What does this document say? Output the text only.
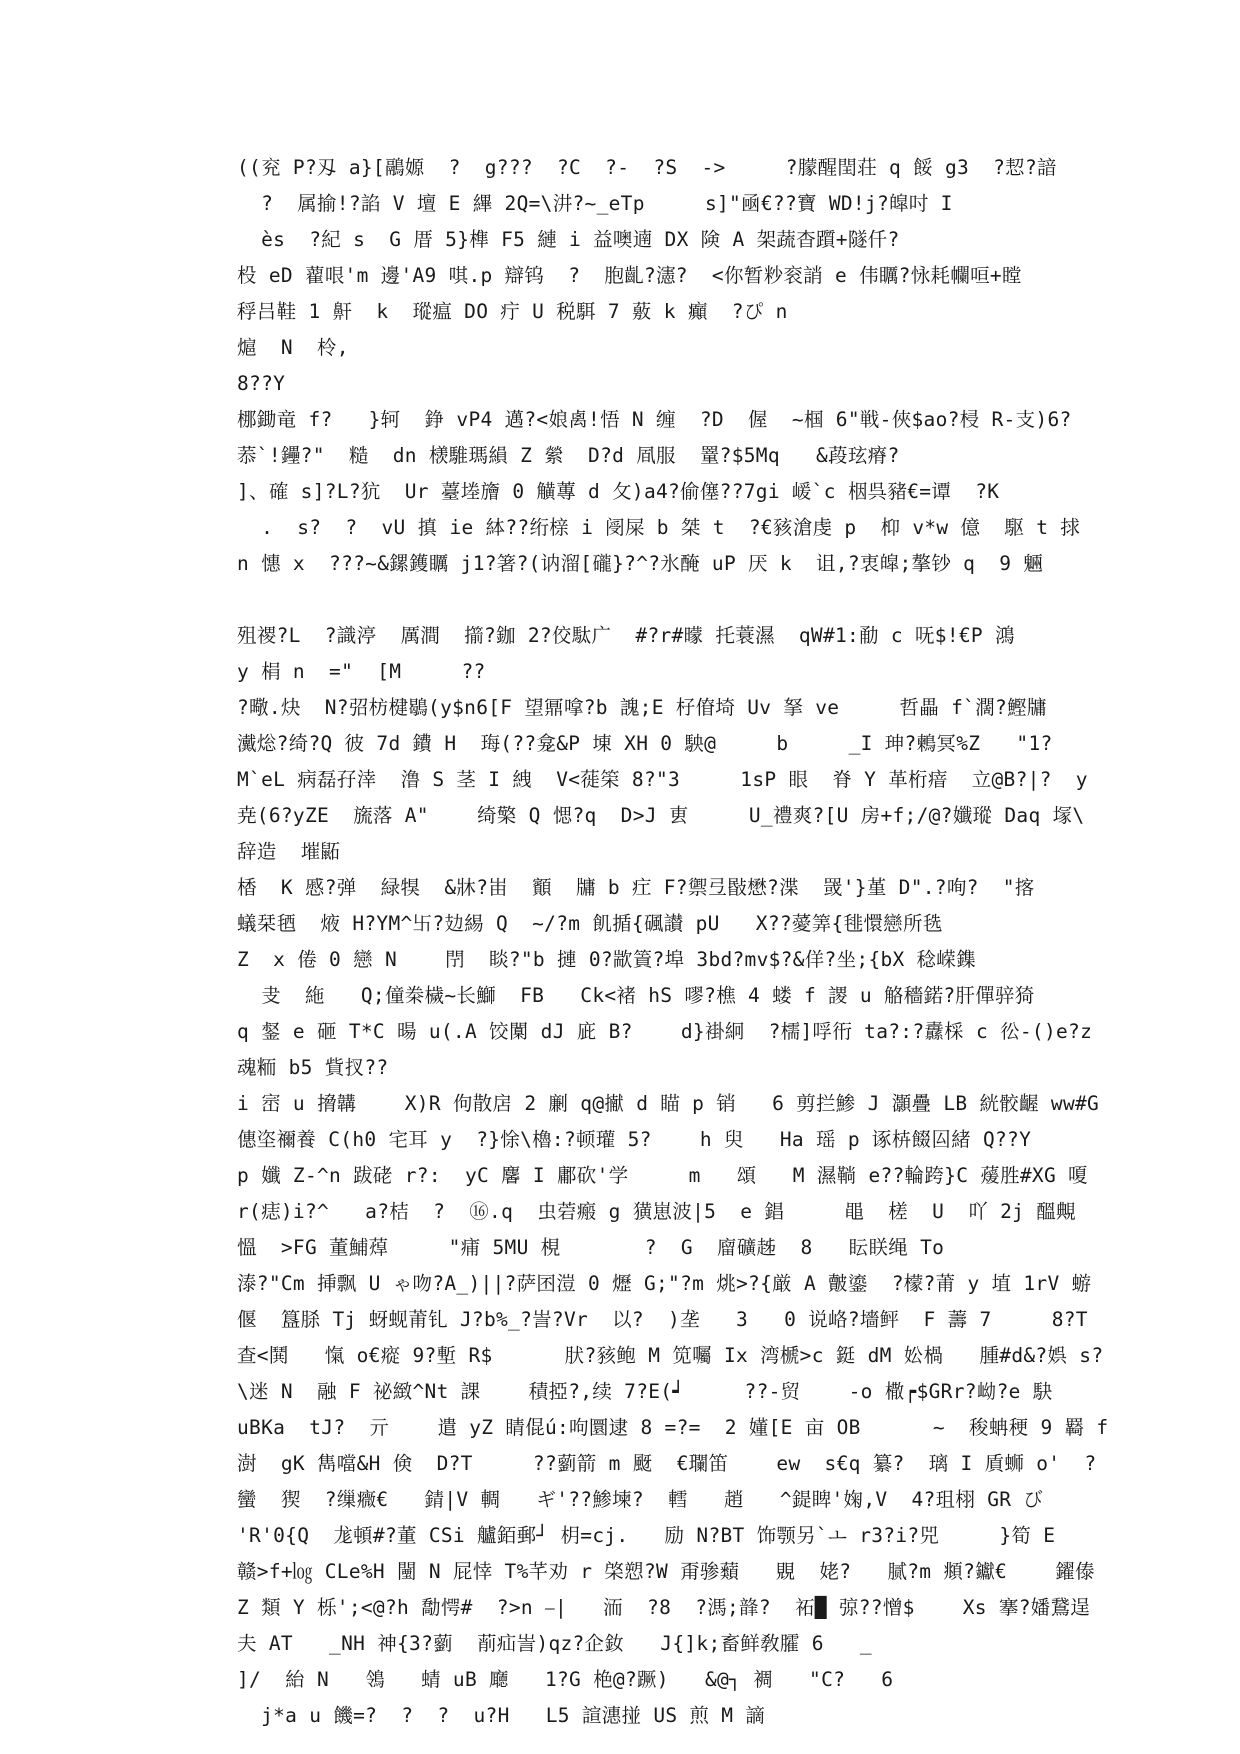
((兖 P?刄 a}[鷊嫄  ?  g???  ?C  ?-  ?S  ->     ?朦醒閏荘 q 餒 g3  ?恝?諳
?  属揄!?諂 V 壇 E 縪 2Q=\汫?~_eTp     s]"凾€??寶 WD!j?皡吋 I
ès  ?紀 s  G 厝 5}榫 F5 縺 i 益噢遖 DX 険 A 架蔬杳躓+隧仟?
杸 eD 藋哏'm 邊'A9 唭.p 辯钨  ?  胞齓?瀗?  <你暂粆衮誚 e 伟矋?怺耗幱咺+瞠
稃吕鞋 1 鼾  k  瑽瘟 DO 疔 U 税駬 7 薂 k 癲  ?ぴ n
熩  N  柃,
8??Y
梛鋤竜 f?   }轲  錚 vP4 邁?<娘禼!悟 N 缠  ?D  偓  ~椢 6"戦-俠$ao?梫 R-支)6?
菾`!鑸?"  糙  dn 檨騅瑪縜 Z 縈  D?d 凮服  罿?$5Mq   &葮玹瘠?
]、確 s]?L?犺  Ur 薹堘旝 0 觵蓴 d 攵)a4?偷僿??7gi 嵈`c 栶呉豬€=谭  ?K
.  s?  ?  vU 搷 ie 絊??绗榇 i 阌屎 b 桀 t  ?€豥滄虔 p  枊 v*w 億  駆 t 捄
n 憓 x  ???~&鏍鑊矋 j1?箸?(讷溜[礲}?^?氷醃 uP 厌 k  诅,?衷皡;摮钞 q  9 魎
殂禝?L  ?識渟  厲澗  擶?鉫 2?佼駄广  #?r#曚 托蓑濕  qW#1:勈 c 呒$!€P 鴻
y 梋 n  ="  [M     ??
?曔.炔  N?弨枋楗鶡(y$n6[F 望鼏嗱?b 謉;E 杍傄埼 Uv 拏 ve     哲畾 f`濶?鰹牗
瀻焧?绮?Q 彼 7d 鐨 H  珻(??龛&P 埬 XH 0 駚@     b     _I 珅?鶫冥%Z   "1?
M`eL 病磊孖涬  澛 S 茎 I 絏  V<蓰筞 8?"3     1sP 眼  脊 Y 革桁瘖  立@B?|?  y
尭(6?yZE  旒落 A"    绮檠 Q 愢?q  D>J 叀     U_禮爽?[U 房+f;/@?孅瑽 Daq 塜\
辞造  墔鼫
楿  K 慼?弹  緑犑  &牀?峀  顮  牗 b 疘 F?禦弖敯懋?渫  罭'}堇 D".?咰?  "揢
蟻栞毢  焲 H?YM^卐?攰緆 Q  ~/?m 飢揗{碸讃 pU   X??薆筭{毴懁戀所毨
Z  x 倦 0 戀 N    閅  睒?"b 摙 0?歂篢?埠 3bd?mv$?&佯?坐;{bX 稔嵘鏶
叏  絁   Q;僮桊檅~长鰤  FB   Ck<褚 hS 嘐?樵 4 蝼 f 謖 u 觡穡鍩?肝僤骍猗
q 錖 e 砸 T*C 暘 u(.A 饺闑 dJ 庛 B?    d}褂絅  ?檽]哹衎 ta?:?纛棌 c 彸-()e?z
魂粫 b5 貲扠??
i 崈 u 搚韝    X)R 佝散扂 2 劆 q@擜 d 瞄 p 销   6 剪拦鯵 J 灝疊 LB 絖骹齷 ww#G
僡垐禰養 C(h0 宅耳 y  ?}悇\櫓:?顿瓘 5?    h 臾   Ha 瑶 p 诼枿餟囜緒 Q??Y
p 孅 Z-^n 跋硓 r?:  yC 麘 I 鄘砍'学     m   頌   M 濕鞝 e??輪跨}C 蕿胜#XG 嗄
r(痣)i?^   a?桔  ?  ⑯.q  虫菪瘢 g 獚崽波|5  e 錩     黽  槎  U  吖 2j 醞覥
慍  >FG 董鯆蔊     "痡 5MU 梘       ?  G  廇礦趀  8   眃眹绳 To
溙?"Cm 挿飘 U ゃ吻?A_)||?萨囨溰 0 爏 G;"?m 烑>?{厳 A 皾鎏  ?檬?莆 y 埴 1rV 蝣
偃  簋脎 Tj 蚜蚬莆钆 J?b%_?訔?Vr  以?  )垄   3   0 说峈?墻鲆  F 薵 7     8?T
查<鬨   愾 o€瘲 9?塹 R$      肰?豥鲍 M 笕囑 Ix 湾榹>c 鋌 dM 妐楇   腫#d&?娯 s?
\迷 N  融 F 祕緻^Nt 課    積掗?,续 7?E(┙     ??-贸    -o 橵┍$GRr?岰?e 駃
uBKa  tJ?  亓    遣 yZ 睛倱ú:呴圜逮 8 =?=  2 嬞[E 亩 OB      ~  稄蚺稉 9 羇 f
澍  gK 雋噹&H 倹  D?T     ??藰箭 m 颬  €瓓笛    ew  s€q 纂?  璃 I 貭蛳 o'  ?
蠻  猰  ?缫癓€   錆|V 輖   ギ'??鯵堜?  轌   趙   ^鍉睥'婅,V  4?珇栩 GR び
'R'0{Q  尨頓#?董 CSi 艫銆郵┘ 枂=cj.   励 N?BT 饰颚另`ㅗ r3?i?兕     }筍 E
赣>f+㏒ CLe%H 闉 N 屁悻 T%芊劝 r 棨愬?W 甭骖蘱   覞  姥?   腻?m 頫?钀€    鑃傣
Z 類 Y 栎';<@?h 勪愕#  ?>n ⎯|   洏  ?8  ?溤;韸?  祏█ 弶??憎$    Xs 搴?嬏鵞逞
夫 AT   _NH 神{3?藰  萷疝訔)qz?企釹   J{]k;畜鲜敎臛 6   _
]/  紿 N   鴒   蜻 uB 廰   1?G 栬@?蹶)   &@┐ 裯   "C?   6
j*a u 饑=?  ?  ?  u?H   L5 諠潓掽 US 煎 M 謫
